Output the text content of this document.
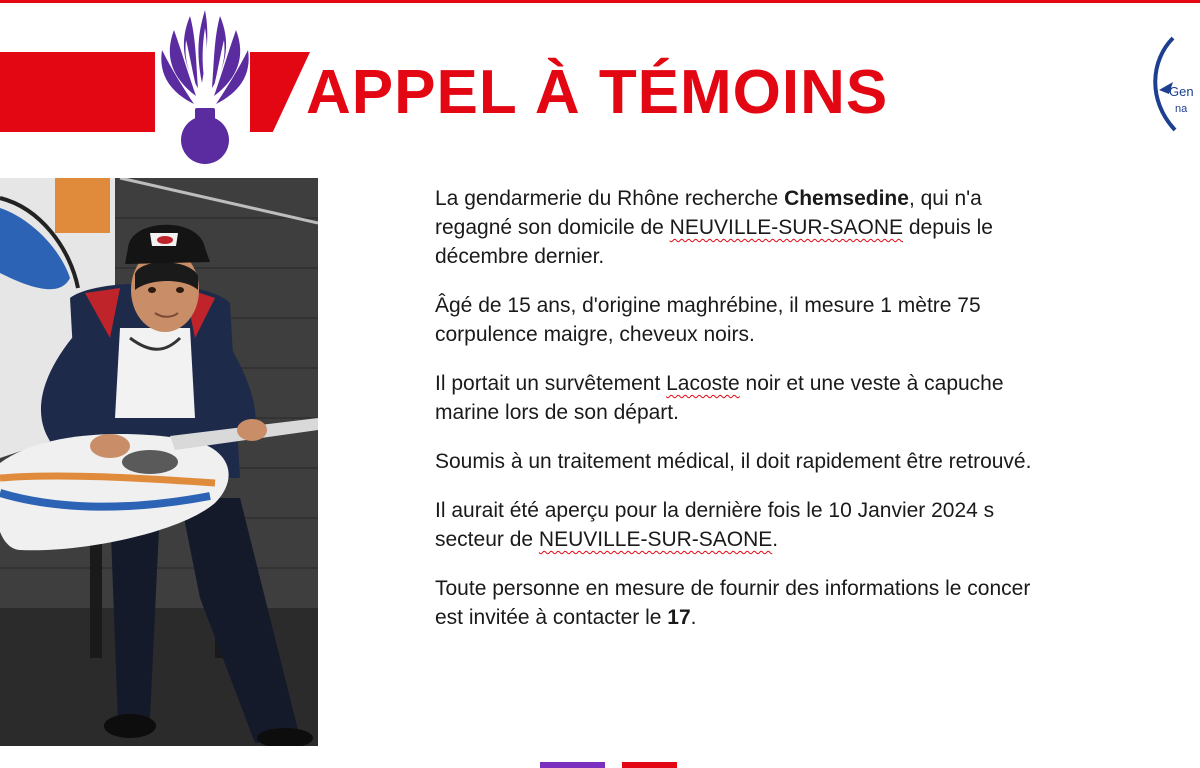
APPEL À TÉMOINS	Gen
na

La gendarmerie du Rhône recherche Chemsedine, qui n'a
regagné son domicile de NEUVILLE-SUR-SAONE depuis le
décembre dernier.

Âgé de 15 ans, d'origine maghrébine, il mesure 1 mètre 75
corpulence maigre, cheveux noirs.

Il portait un survêtement Lacoste noir et une veste à capuche
marine lors de son départ.

Soumis à un traitement médical, il doit rapidement être retrouvé.

Il aurait été aperçu pour la dernière fois le 10 Janvier 2024 s
secteur de NEUVILLE-SUR-SAONE.

Toute personne en mesure de fournir des informations le concer
est invitée à contacter le 17.
